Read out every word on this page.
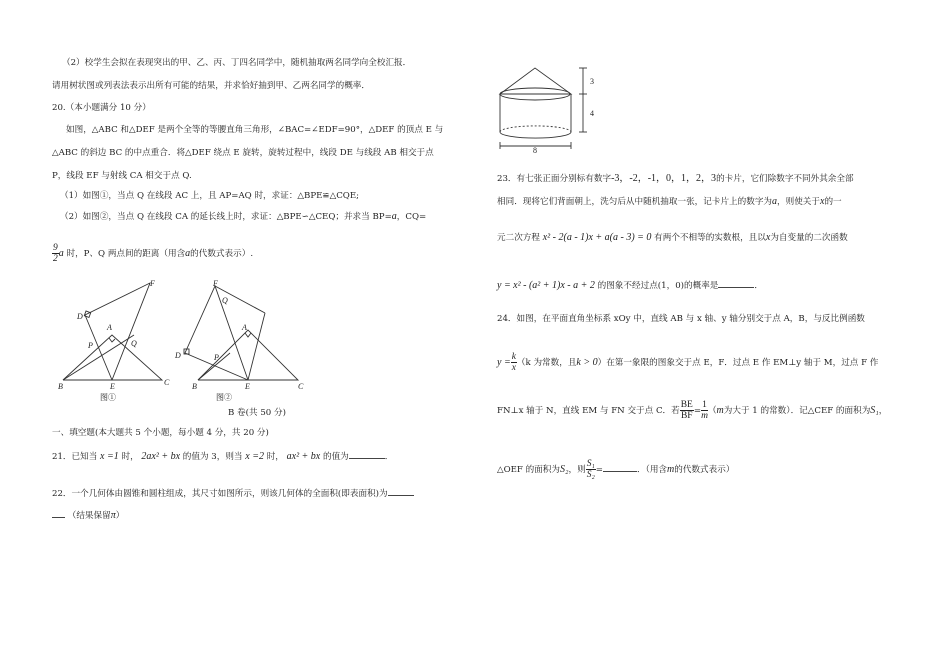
（2）校学生会拟在表现突出的甲、乙、丙、丁四名同学中，随机抽取两名同学向全校汇报．
请用树状图或列表法表示出所有可能的结果，并求恰好抽到甲、乙两名同学的概率．
20.（本小题满分 10 分）
如图，△ABC 和△DEF 是两个全等的等腰直角三角形，∠BAC=∠EDF=90°，△DEF 的顶点 E 与
△ABC 的斜边 BC 的中点重合．将△DEF 绕点 E 旋转，旋转过程中，线段 DE 与线段 AB 相交于点
P，线段 EF 与射线 CA 相交于点 Q.
（1）如图①，当点 Q 在线段 AC 上，且 AP=AQ 时，求证：△BPE≌△CQE;
（2）如图②，当点 Q 在线段 CA 的延长线上时，求证：△BPE∽△CEQ；并求当 BP=a，CQ=
$\frac{9}{2}$ a 时，P、Q 两点间的距离（用含a的代数式表示）.
F
D
A
P	Q
B	E	C
图①
F
Q
A
P
D
B	E	C
图②
B 卷(共 50 分)
一、填空题(本大题共 5 个小题，每小题 4 分，共 20 分)
21．已知当 x =1 时， 2ax² + bx 的值为 3，则当 x =2 时， ax² + bx 的值为	．
22．一个几何体由圆锥和圆柱组成，其尺寸如图所示，则该几何体的全面积(即表面积)为
（结果保留π）
3
4
8
23．有七张正面分别标有数字-3，-2，-1，0，1，2，3的卡片，它们除数字不同外其余全部
相同．现将它们背面朝上，洗匀后从中随机抽取一张，记卡片上的数字为a，则使关于x的一
元二次方程 x² - 2(a - 1)x + a(a - 3) = 0 有两个不相等的实数根，且以x为自变量的二次函数
y = x² - (a² + 1)x - a + 2 的图象不经过点(1，0)的概率是	．
24．如图，在平面直角坐标系 xOy 中，直线 AB 与 x 轴、y 轴分别交于点 A，B，与反比例函数
$y = \frac{k}{x} (k$ 为常数，且k > 0）在第一象限的图象交于点 E，F．过点 E 作 EM⊥y 轴于 M，过点 F 作
FN⊥x 轴于 N，直线 EM 与 FN 交于点 C．若 $\frac{BE}{BF} = \frac{1}{m} (m$为大于 1 的常数）．记△CEF 的面积为S₁，
△OEF 的面积为S₂，则 $\frac{\text{S₁}}{\text{S₂}}$ =	．（用含m的代数式表示）
